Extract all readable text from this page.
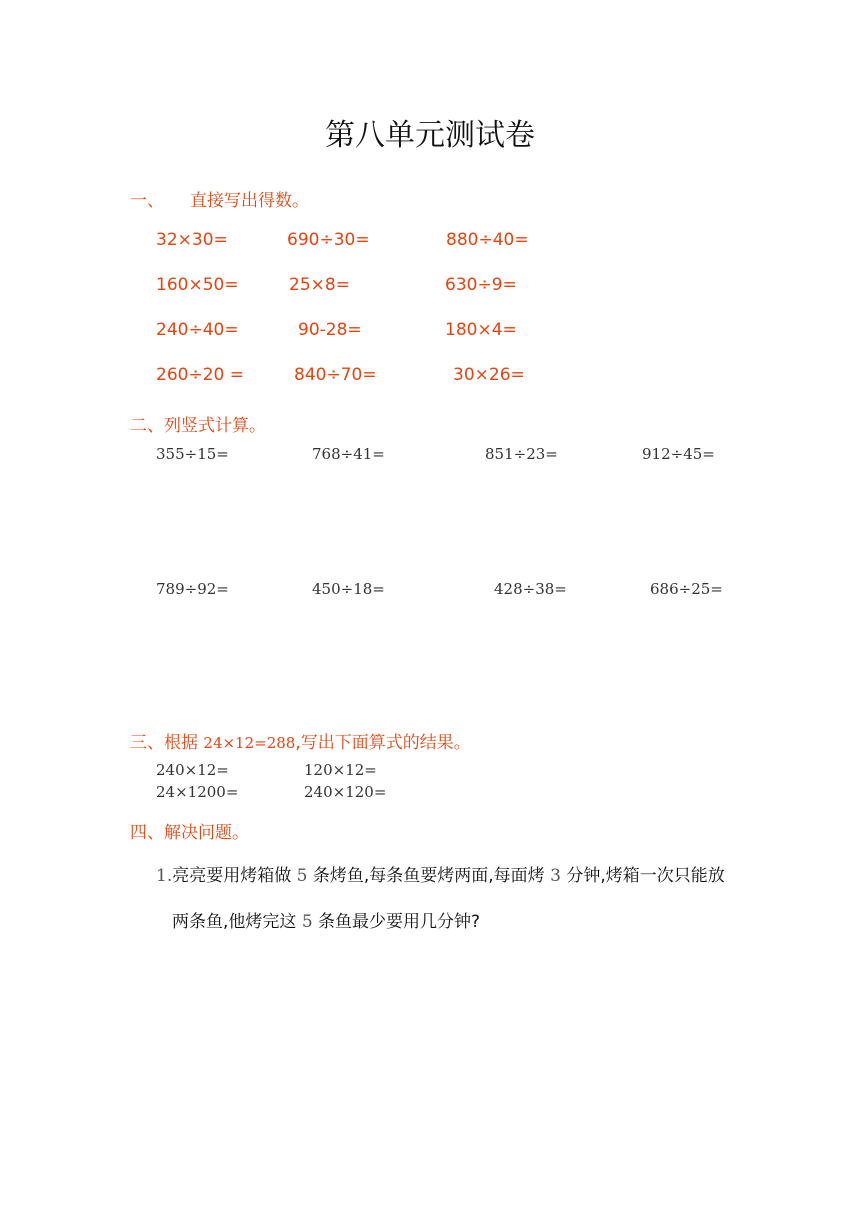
第八单元测试卷
一、 直接写出得数。
32×30=	690÷30=	880÷40=
160×50=	25×8=	630÷9=
240÷40=	90-28=	180×4=
260÷20 =	840÷70=	30×26=
二、列竖式计算。
355÷15=	768÷41=	851÷23=	912÷45=
789÷92=	450÷18=	428÷38=	686÷25=
三、根据 24×12=288,写出下面算式的结果。
240×12=	120×12=
24×1200=	240×120=
四、解决问题。
1.亮亮要用烤箱做 5 条烤鱼,每条鱼要烤两面,每面烤 3 分钟,烤箱一次只能放
两条鱼,他烤完这 5 条鱼最少要用几分钟?
